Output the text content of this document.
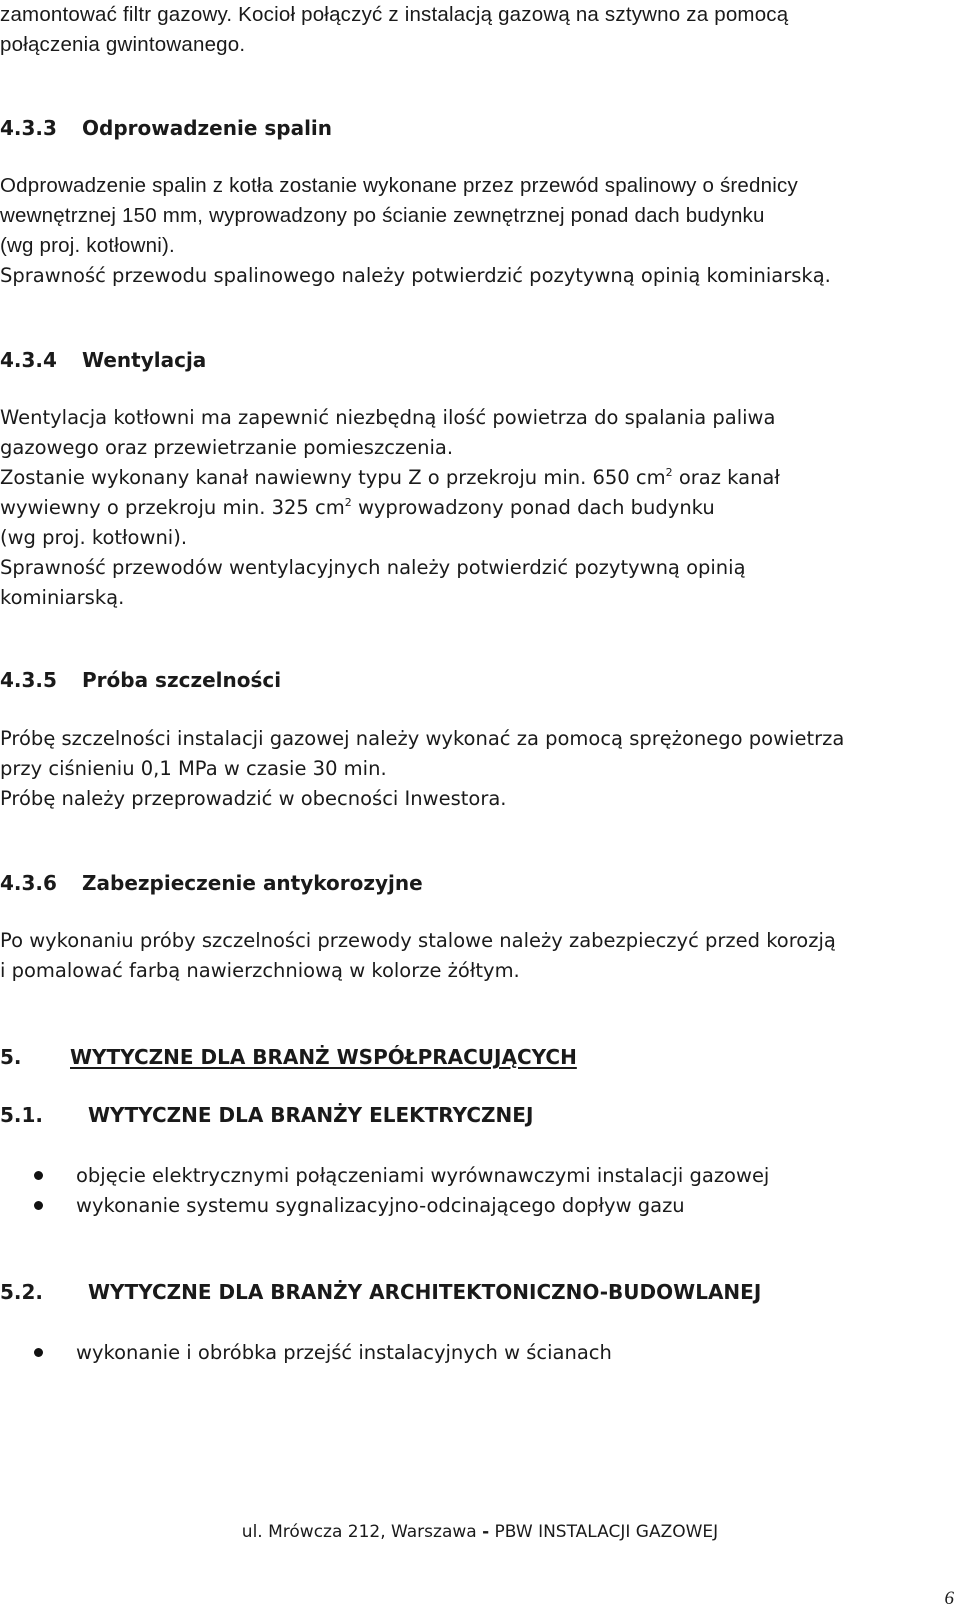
zamontować filtr gazowy. Kocioł połączyć z instalacją gazową na sztywno za pomocą
połączenia gwintowanego.
4.3.3 Odprowadzenie spalin
Odprowadzenie spalin z kotła zostanie wykonane przez przewód spalinowy o średnicy
wewnętrznej 150 mm, wyprowadzony po ścianie zewnętrznej ponad dach budynku
(wg proj. kotłowni).
Sprawność przewodu spalinowego należy potwierdzić pozytywną opinią kominiarską.
4.3.4 Wentylacja
Wentylacja kotłowni ma zapewnić niezbędną ilość powietrza do spalania paliwa
gazowego oraz przewietrzanie pomieszczenia.
Zostanie wykonany kanał nawiewny typu Z o przekroju min. 650 $cm^2$ oraz kanał
wywiewny o przekroju min. 325 $cm^2$ wyprowadzony ponad dach budynku
(wg proj. kotłowni).
Sprawność przewodów wentylacyjnych należy potwierdzić pozytywną opinią
kominiarską.
4.3.5 Próba szczelności
Próbę szczelności instalacji gazowej należy wykonać za pomocą sprężonego powietrza
przy ciśnieniu 0,1 MPa w czasie 30 min.
Próbę należy przeprowadzić w obecności Inwestora.
4.3.6 Zabezpieczenie antykorozyjne
Po wykonaniu próby szczelności przewody stalowe należy zabezpieczyć przed korozją
i pomalować farbą nawierzchniową w kolorze żółtym.
5. WYTYCZNE DLA BRANŻ WSPÓŁPRACUJĄCYCH
5.1. WYTYCZNE DLA BRANŻY ELEKTRYCZNEJ
objęcie elektrycznymi połączeniami wyrównawczymi instalacji gazowej
wykonanie systemu sygnalizacyjno-odcinającego dopływ gazu
5.2. WYTYCZNE DLA BRANŻY ARCHITEKTONICZNO-BUDOWLANEJ
wykonanie i obróbka przejść instalacyjnych w ścianach
ul. Mrówcza 212, Warszawa - PBW INSTALACJI GAZOWEJ
6
